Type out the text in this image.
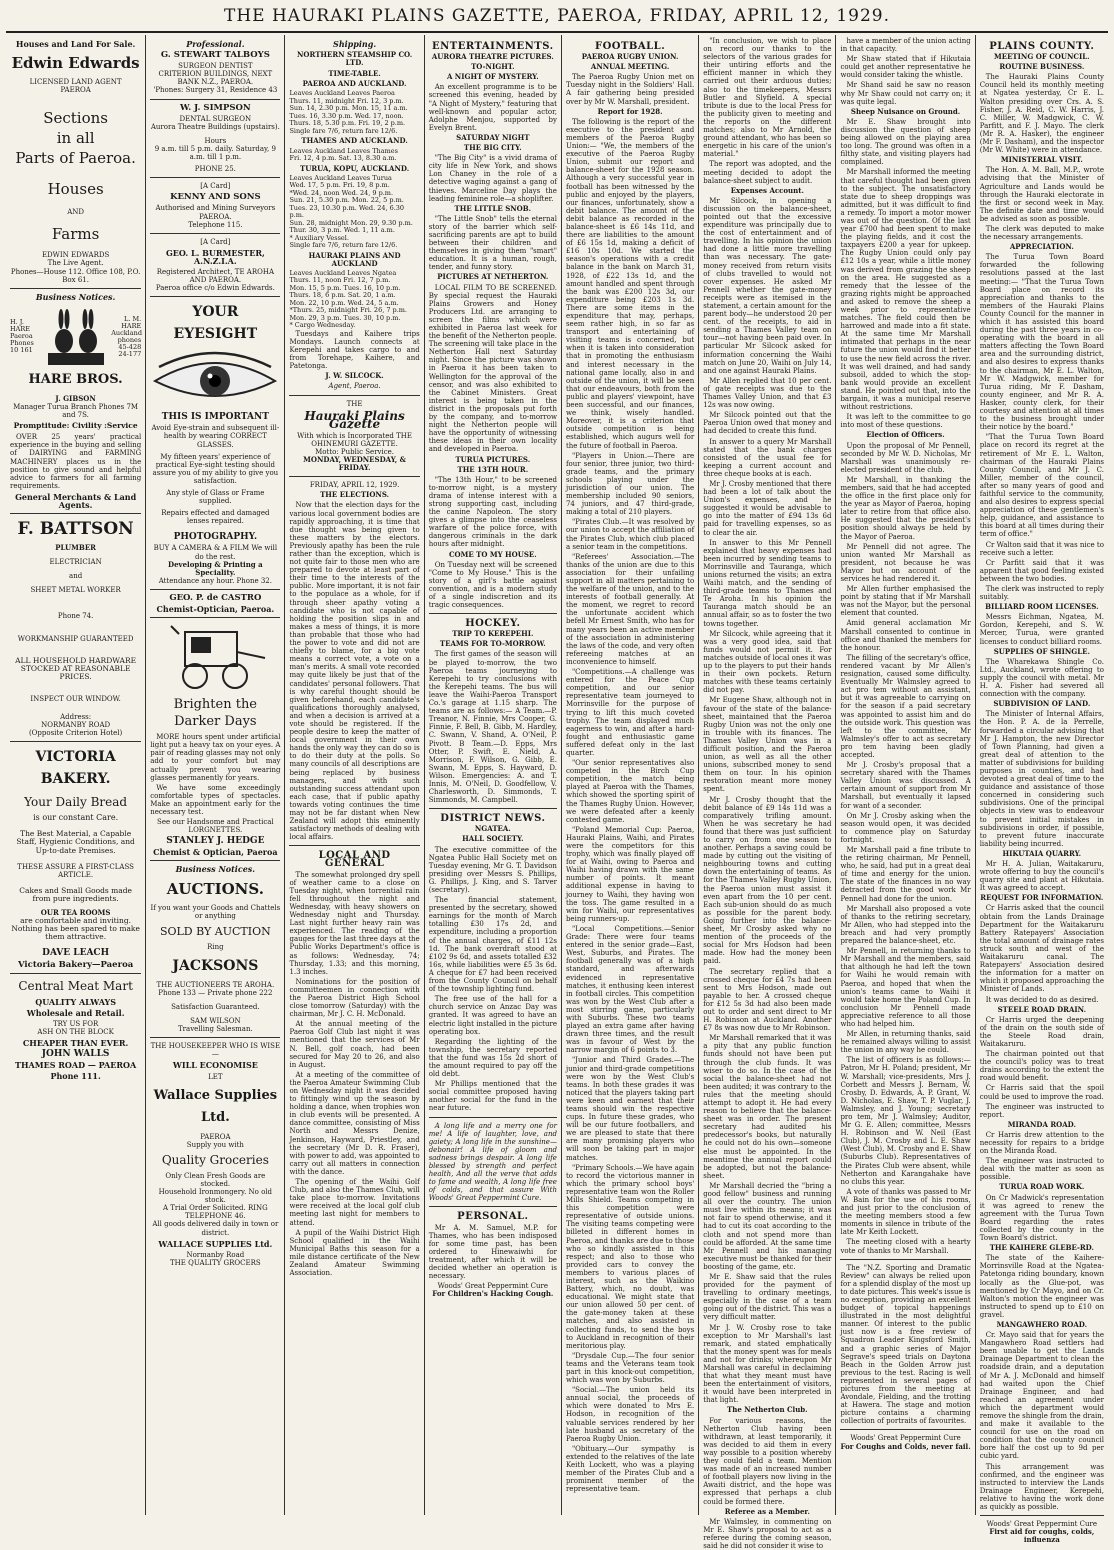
THE HAURAKI PLAINS GAZETTE, PAEROA, FRIDAY, APRIL 12, 1929.
Houses and Land For Sale.
Edwin Edwards
LICENSED LAND AGENT
PAEROA
Sections
in all
Parts of Paeroa.
Houses
AND
Farms
EDWIN EDWARDS
The Live Agent.
Phones—House 112. Office 108, P.O. Box 61.
Business Notices.
H. J. HARE Paeroa Phones 10 161
L. M. HARE Auckland phones 45-428 24-177
HARE BROS.
J. GIBSON
Manager Turua Branch Phones 7M and 7S.
Promptitude: Civility :Service
OVER 25 years' practical experience in the buying and selling of DAIRYING and FARMING MACHINERY places us in the position to give sound and helpful advice to farmers for all farming requirements.
General Merchants & Land Agents.
F. BATTSON
PLUMBER
ELECTRICIAN
and
SHEET METAL WORKER
Phone 74.
WORKMANSHIP GUARANTEED
ALL HOUSEHOLD HARDWARE STOCKED AT REASONABLE PRICES.
INSPECT OUR WINDOW.
Address:
NORMANBY ROAD
(Opposite Criterion Hotel)
VICTORIA BAKERY.
Your Daily Bread
is our constant Care.
The Best Material, a Capable Staff, Hygienic Conditions, and Up-to-date Premises.
THESE ASSURE A FIRST-CLASS ARTICLE.
Cakes and Small Goods made from pure ingredients.
OUR TEA ROOMS
are comfortable and inviting. Nothing has been spared to make them attractive.
DAVE LEACH
Victoria Bakery—Paeroa
Central Meat Mart
QUALITY ALWAYS
Wholesale and Retail.
TRY US FOR
ASH ON THE BLOCK
CHEAPER THAN EVER.
JOHN WALLS
THAMES ROAD — PAEROA
Phone 111.
Professional.
G. STEWART TALBOYS
SURGEON DENTIST
CRITERION BUILDINGS, NEXT BANK N.Z., PAEROA.
'Phones: Surgery 31, Residence 43
W. J. SIMPSON
DENTAL SURGEON
Aurora Theatre Buildings (upstairs).
Hours
9 a.m. till 5 p.m. daily. Saturday, 9 a.m. till 1 p.m.
PHONE 25.
[A Card]
KENNY AND SONS
Authorised and Mining Surveyors PAEROA.
Telephone 115.
[A Card]
GEO. L. BURMESTER, A.N.Z.I.A.
Registered Architect, TE AROHA AND PAEROA.
Paeroa office c/o Edwin Edwards.
YOUR EYESIGHT
THIS IS IMPORTANT
Avoid Eye-strain and subsequent ill-health by wearing CORRECT GLASSES.
My fifteen years' experience of practical Eye-sight testing should assure you of my ability to give you satisfaction.
Any style of Glass or Frame supplied.
Repairs effected and damaged lenses repaired.
PHOTOGRAPHY.
BUY A CAMERA & A FILM We will do the rest.
Developing & Printing a Speciality.
Attendance any hour. Phone 32.
GEO. P. de CASTRO
Chemist-Optician, Paeroa.
Brighten the Darker Days
MORE hours spent under artificial light put a heavy tax on your eyes. A pair of reading glasses may not only add to your comfort but may actually prevent you wearing glasses permanently for years.
We have some exceedingly comfortable types of spectacles. Make an appointment early for the necessary test.
See our Handsome and Practical LORGNETTES.
STANLEY J. HEDGE
Chemist & Optician, Paeroa
Business Notices.
AUCTIONS.
If you want your Goods and Chattels or anything
SOLD BY AUCTION
Ring
JACKSONS
THE AUCTIONEERS TE AROHA.
Phone 133 — Private phone 222
Satisfaction Guaranteed.
SAM WILSON
Travelling Salesman.
THE HOUSEKEEPER WHO IS WISE—
WILL ECONOMISE
LET
Wallace Supplies Ltd.
PAEROA
Supply you with
Quality Groceries
Only Clean Fresh Goods are stocked.
Household Ironmongery. No old stock.
A Trial Order Solicited. RING TELEPHONE 46.
All goods delivered daily in town or district.
WALLACE SUPPLIES Ltd.
Normanby Road
THE QUALITY GROCERS
Shipping.
NORTHERN STEAMSHIP CO. LTD.
TIME-TABLE.
PAEROA AND AUCKLAND.
Leaves Auckland Leaves Paeroa
Thurs. 11, midnight Fri. 12, 3 p.m.
Sun. 14, 2.30 p.m. Mon. 15, 11 a.m.
Tues. 16, 3.30 p.m. Wed. 17, noon.
Thurs. 18, 5.30 p.m. Fri. 19, 2 p.m.
Single fare 7/6, return fare 12/6.
THAMES AND AUCKLAND.
Leaves Auckland Leaves Thames
Fri. 12, 4 p.m. Sat. 13, 8.30 a.m.
TURUA, KOPU, AUCKLAND.
Leaves Auckland Leaves Turua
Wed. 17, 5 p.m. Fri. 19, 8 p.m.
*Wed. 24, noon Wed. 24, 9 p.m.
Sun. 21, 5.30 p.m. Mon. 22, 5 p.m.
Tues. 23, 10.30 p.m. Wed. 24, 6.30 p.m.
Sun. 28, midnight Mon. 29, 9.30 p.m.
Thur. 30, 3 p.m. Wed. 1, 11 a.m.
* Auxiliary Vessel.
Single fare 7/6, return fare 12/6.
HAURAKI PLAINS AND AUCKLAND
Leaves Auckland Leaves Ngatea
Thurs. 11, noon Fri. 12, 7 p.m.
Mon. 15, 5 p.m. Tues. 16, 10 p.m.
Thurs. 18, 6 p.m. Sat. 20, 1 a.m.
Mon. 22, 10 p.m. Wed. 24, 5 a.m.
*Thurs. 25, midnight Fri. 26, 7 p.m.
Mon. 29, 3 p.m. Tues. 30, 10 p.m.
* Cargo Wednesday.
Tuesdays and Kaihere trips Mondays. Launch connects at Kerepehi and takes cargo to and from Torehape, Kaihere, and Patetonga.
J. W. SILCOCK.
Agent, Paeroa.
THE
Hauraki Plains Gazette
With which is Incorporated THE OHINEMURI GAZETTE.
Motto: Public Service.
MONDAY, WEDNESDAY, & FRIDAY.
FRIDAY, APRIL 12, 1929.
THE ELECTIONS.
Now that the election days for the various local government bodies are rapidly approaching, it is time that due thought was being given to these matters by the electors. Previously apathy has been the rule rather than the exception, which is not quite fair to those men who are prepared to devote at least part of their time to the interests of the public. More important, it is not fair to the populace as a whole, for if through sheer apathy voting a candidate who is not capable of holding the position slips in and makes a mess of things, it is more than probable that those who had the power to vote and did not are chiefly to blame, for a big vote means a correct vote, a vote on a man's merits. A small vote recorded may quite likely be just that of the candidates' personal followers. That is why careful thought should be given beforehand, each candidate's qualifications thoroughly analysed, and when a decision is arrived at a vote should be registered. If the people desire to keep the matter of local government in their own hands the only way they can do so is to do their duty at the polls. So many councils of all descriptions are being replaced by business managers, and with such outstanding success attendant upon each case, that if public apathy towards voting continues the time may not be far distant when New Zealand will adopt this eminently satisfactory methods of dealing with local affairs.
LOCAL AND GENERAL
The somewhat prolonged dry spell of weather came to a close on Tuesday night, when torrential rain fell throughout the night and Wednesday, with heavy showers on Wednesday night and Thursday. Last night further heavy rain was experienced. The reading of the gauges for the last three days at the Public Works Department's office is as follows: Wednesday, 74; Thursday, 1.33; and this morning, 1.3 inches.
Nominations for the position of committeemen in connection with the Paeroa District High School close tomorrow (Saturday) with the chairman, Mr J. C. H. McDonald.
At the annual meeting of the Paeroa Golf Club last night it was mentioned that the services of Mr N. Bell, golf coach, had been secured for May 20 to 26, and also in August.
At a meeting of the committee of the Paeroa Amateur Swimming Club on Wednesday night it was decided to fittingly wind up the season by holding a dance, when trophies won in club events will be presented. A dance committee, consisting of Miss North and Messrs Denize, Jenkinson, Hayward, Priestley, and the secretary (Mr D. R. Fraser), with power to add, was appointed to carry out all matters in connection with the dance.
The opening of the Waihi Golf Club, and also the Thames Club, will take place to-morrow. Invitations were received at the local golf club meeting last night for members to attend.
A pupil of the Waihi District High School qualified in the Waihi Municipal Baths this season for a mile distance certificate of the New Zealand Amateur Swimming Association.
ENTERTAINMENTS.
AURORA THEATRE PICTURES.
TO-NIGHT.
A NIGHT OF MYSTERY.
An excellent programme is to be screened this evening, headed by "A Night of Mystery," featuring that well-known and popular actor, Adolphe Menjou, supported by Evelyn Brent.
SATURDAY NIGHT
THE BIG CITY.
"The Big City" is a vivid drama of city life in New York, and shows Lon Chaney in the role of a detective waging against a gang of thieves. Marceline Day plays the leading feminine role—a shoplifter.
THE LITTLE SNOB.
"The Little Snob" tells the eternal story of the barrier which self-sacrificing parents are apt to build between their children and themselves in giving them "smart" education. It is a human, rough, tender, and funny story.
PICTURES AT NETHERTON.
LOCAL FILM TO BE SCREENED. By special request the Hauraki Plains Growers and Honey Producers Ltd. are arranging to screen the films which were exhibited in Paeroa last week for the benefit of the Netherton people. The screening will take place in the Netherton Hall next Saturday night. Since the picture was shown in Paeroa it has been taken to Wellington for the approval of the censor, and was also exhibited to the Cabinet Ministers. Great interest is being taken in the district in the proposals put forth by the company, and to-morrow night the Netherton people will have the opportunity of witnessing these ideas in their own locality and developed in Paeroa.
TURUA PICTURES.
THE 13TH HOUR.
"The 13th Hour," to be screened to-morrow night, is a mystery drama of intense interest with a strong supporting cast, including the canine Napoleon. The story gives a glimpse into the ceaseless warfare of the police force, with dangerous criminals in the dark hours after midnight.
COME TO MY HOUSE.
On Tuesday next will be screened "Come to My House." This is the story of a girl's battle against convention, and is a modern study of a single indiscretion and its tragic consequences.
HOCKEY.
TRIP TO KEREPEHI.
TEAMS FOR TO-MORROW.
The first games of the season will be played to-morrow, the two Paeroa teams journeying to Kerepehi to try conclusions with the Kerepehi teams. The bus will leave the Waihi-Paeroa Transport Co.'s garage at 1.15 sharp. The teams are as follows:— A Team.—P. Treanor, N. Finnie, Mrs Cooper, G. Finnie, F. Bell, B. Gibb, M. Hardley, C. Swann, V. Shand, A. O'Neil, P. Pivott. B Team.—D. Epps, Mrs Otter, P. Swift, E. Nield, A. Morrison, F. Wilson, G. Gibb, E. Swann, M. Epps, S. Hayward, D. Wilson. Emergencies: A. and T. Innis, M. O'Neil, D. Goodfellow, V. Charlesworth, D. Simmonds, T. Simmonds, M. Campbell.
DISTRICT NEWS.
NGATEA.
HALL SOCIETY.
The executive committee of the Ngatea Public Hall Society met on Tuesday evening, Mr G. T. Davidson presiding over Messrs S. Phillips, G. Phillips, J. King, and S. Tarver (secretary).
The financial statement, presented by the secretary, showed earnings for the month of March totalling £30 17s 2d, and expenditure, including a proportion of the annual charges, of £11 12s 1d. The bank overdraft stood at £102 9s 6d, and assets totalled £32 16s, while liabilities were £5 3s 6d. A cheque for £7 had been received from the County Council on behalf of the township lighting fund.
The free use of the hall for a church service on Anzac Day was granted. It was agreed to have an electric light installed in the picture operating box.
Regarding the lighting of the township, the secretary reported that the fund was 15s 2d short of the amount required to pay off the old debt.
Mr Phillips mentioned that the social committee proposed having another social for the fund in the near future.
A long life and a merry one for me! A life of laughter, love, and gaiety; A long life in the sunshine—debonair! A life of gloom and sadness brings despair. A long life blessed by strength and perfect health, And all the verve that adds to fame and wealth, A long life free of colds, and that assure With Woods' Great Peppermint Cure.
PERSONAL.
Mr A. M. Samuel, M.P. for Thames, who has been indisposed for some time past, has been ordered to Hinewaiwhi for treatment, after which it will be decided whether an operation is necessary.
Woods' Great Peppermint Cure
For Children's Hacking Cough.
FOOTBALL.
PAEROA RUGBY UNION.
ANNUAL MEETING.
The Paeroa Rugby Union met on Tuesday night in the Soldiers' Hall. A fair gathering being presided over by Mr W. Marshall, president.
Report for 1928.
The following is the report of the executive to the president and members of the Paeroa Rugby Union:— "We, the members of the executive of the Paeroa Rugby Union, submit our report and balance-sheet for the 1928 season. Although a very successful year in football has been witnessed by the public and enjoyed by the players, our finances, unfortunately, show a debit balance. The amount of the debit balance as recorded in the balance-sheet is £6 14s 11d, and there are liabilities to the amount of £6 15s 1d, making a deficit of £16 10s 10d. We started the season's operations with a credit balance in the bank on March 31, 1928, of £22 13s 1d, and the amount handled and spent through the bank was £200 12s 3d, our expenditure being £203 1s 3d. There are some items in the expenditure that may, perhaps, seem rather high, in so far as transport and entertaining of visiting teams is concerned, but when it is taken into consideration that in promoting the enthusiasm and interest necessary in the national game locally, also in and outside of the union, it will be seen that our endeavours, both from the public and players' viewpoint, have been successful, and our finances, we think, wisely handled. Moreover, it is a criterion that outside competition is being established, which augurs well for the future of football in Paeroa.
"Players in Union.—There are four senior, three junior, two third-grade teams, and the primary schools playing under the jurisdiction of our union. The membership included 90 seniors, 74 juniors, and 47 third-grade, making a total of 210 players.
"Pirates Club.—It was resolved by our union to accept the affiliation of the Pirates Club, which club placed a senior team in the competitions.
"Referees' Association.—The thanks of the union are due to this association for their unfailing support in all matters pertaining to the welfare of the union, and to the interests of football generally. At the moment, we regret to record the unfortunate accident which befell Mr Ernest Smith, who has for many years been an active member of the association in administering the laws of the code, and very often refereeing matches at an inconvenience to himself.
"Competitions.—A challenge was entered for the Peace Cup competition, and our senior representative team journeyed to Morrinsville for the purpose of trying to lift this much coveted trophy. The team displayed much eagerness to win, and after a hard-fought and enthusiastic game suffered defeat only in the last quarter.
"Our senior representatives also competed in the Birch Cup competition, the match being played at Paeroa with the Thames, which showed the sporting spirit of the Thames Rugby Union. However, we were defeated after a keenly contested game.
"Poland Memorial Cup: Paeroa, Hauraki Plains, Waihi, and Pirates were the competitors for this trophy, which was finally played off for at Waihi, owing to Paeroa and Waihi having drawn with the same number of points. It meant additional expense in having to journey to Waihi, they having won the toss. The game resulted in a win for Waihi, our representatives being runners-up.
"Local Competitions.—Senior Grade: There were four teams entered in the senior grade—East, West, Suburbs, and Pirates. The football generally was of a high standard, and afterwards evidenced in representative matches, it enthusing keen interest in football circles. This competition was won by the West Club after a most stirring game, particularly with Suburbs. These two teams played an extra game after having drawn three times, and the result was in favour of West by the narrow margin of 6 points to 3.
"Junior and Third Grades.—The junior and third-grade competitions were won by the West Club's teams. In both these grades it was noticed that the players taking part were keen and earnest that their teams should win the respective cups. In future these grades, who will be our future footballers, and we are pleased to state that there are many promising players who will soon be taking part in major matches.
"Primary Schools.—We have again to record the victorious manner in which the primary school boys' representative team won the Roller Mills Shield. Teams competing in this competition were representative of outside unions. The visiting teams competing were billeted in different homes in Paeroa, and thanks are due to those who so kindly assisted in this respect; and also to those who provided cars to convey the members to various places of interest, such as the Waikino Battery, which, no doubt, was educational. We might state that our union allowed 50 per cent. of the gate-money taken at these matches, and also assisted in collecting funds, to send the boys to Auckland in recognition of their meritorious play.
"Drysdale Cup.—The four senior teams and the Veterans team took part in this knock-out competition, which was won by Suburbs.
"Social.—The union held its annual social, the proceeds of which were donated to Mrs E. Hodson, in recognition of the valuable services rendered by her late husband as secretary of the Paeroa Rugby Union.
"Obituary.—Our sympathy is extended to the relatives of the late Keith Lockett, who was a playing member of the Pirates Club and a prominent member of the representative team.
"In conclusion, we wish to place on record our thanks to the selectors of the various grades for their untiring efforts and the efficient manner in which they carried out their arduous duties; also to the timekeepers, Messrs Butler and Slyfield. A special tribute is due to the local Press for the publicity given to meeting and the reports on the different matches; also to Mr Arnold, the ground attendant, who has been so energetic in his care of the union's material."
The report was adopted, and the meeting decided to adopt the balance-sheet subject to audit.
Expenses Account.
Mr Silcock, in opening a discussion on the balance-sheet, pointed out that the excessive expenditure was principally due to the cost of entertainment and of travelling. In his opinion the union had done a little more travelling than was necessary. The gate-money received from return visits of clubs travelled to would not cover expenses. He asked Mr Pennell whether the gate-money receipts were as itemised in the statement, a certain amount for the parent body—he understood 20 per cent. of the receipts, to aid in sending a Thames Valley team on tour—not having been paid over. In particular Mr Silcock asked for information concerning the Waihi match on June 20, Waihi on July 14, and one against Hauraki Plains.
Mr Allen replied that 10 per cent. of gate receipts was due to the Thames Valley Union, and that £3 12s was now owing.
Mr Silcock pointed out that the Paeroa Union owed that money and had decided to create this fund.
In answer to a query Mr Marshall stated that the bank charges consisted of the usual fee for keeping a current account and three cheque books at is each.
Mr J. Crosby mentioned that there had been a lot of talk about the Union's expenses, and he suggested it would be advisable to go into the matter of £94 13s 6d paid for travelling expenses, so as to clear the air.
In answer to this Mr Pennell explained that heavy expenses had been incurred by sending teams to Morrinsville and Tauranga, which unions returned the visits; an extra Waihi match, and the sending of third-grade teams to Thames and Te Aroha. In his opinion the Tauranga match should be an annual affair, so as to foster the two towns together.
Mr Silcock, while agreeing that it was a very good idea, said that funds would not permit it. For matches outside of local ones it was up to the players to put their hands in their own pockets. Return matches with these teams certainly did not pay.
Mr Eugene Shaw, although not in favour of the state of the balance-sheet, maintained that the Paeroa Rugby Union was not the only one in trouble with its finances. The Thames Valley Union was in a difficult position, and the Paeroa union, as well as all the other unions, subscribed money to send them on tour. In his opinion restoration meant more money spent.
Mr J. Crosby thought that the debit balance of £9 14s 11d was a comparatively trifling amount. When he was secretary he had found that there was just sufficient to carry on from one season to another. Perhaps a saving could be made by cutting out the visiting of neighbouring towns and cutting down the entertaining of teams. As for the Thames Valley Rugby Union, the Paeroa union must assist it even apart from the 10 per cent. Each sub-union should do as much as possible for the parent body. Going further into the balance-sheet, Mr Crosby asked why no mention of the proceeds of the social for Mrs Hodson had been made. How had the money been paid.
The secretary replied that a crossed cheque for £4 7s had been sent to Mrs Hodson, made out payable to her. A crossed cheque for £12 5s 3d had also been made out to order and sent direct to Mr H. Robinson at Auckland. Another £7 8s was now due to Mr Robinson.
Mr Marshall remarked that it was a pity that any public function funds should not have been put through the club funds. It was wiser to do so. In the case of the social the balance-sheet had not been audited; it was contrary to the rules that the meeting should attempt to adopt it. He had every reason to believe that the balance-sheet was in order. The present secretary had audited his predecessor's books, but naturally he could not do his own—someone else must be appointed. In the meantime the annual report could be adopted, but not the balance-sheet.
Mr Marshall decried the "bring a good fellow" business and running all over the country. The union must live within its means; it was not fair to spend otherwise, and it had to cut its coat according to the cloth and not spend more than could be afforded. At the same time Mr Pennell and his managing executive must be thanked for their boosting of the game, etc.
Mr E. Shaw said that the rules provided for the payment of travelling to ordinary meetings, especially in the case of a team going out of the district. This was a very difficult matter.
Mr J. W. Crosby rose to take exception to Mr Marshall's last remark, and stated emphatically that the money spent was for meals and not for drinks; whereupon Mr Marshall was careful in declaiming that what they meant must have been the entertainment of visitors, it would have been interpreted in that light.
The Netherton Club.
For various reasons, the Netherton Club having been withdrawn, at least temporarily, it was decided to aid them in every way possible to a position whereby they could field a team. Mention was made of an increased number of football players now living in the Awaiti district, and the hope was expressed that perhaps a club could be formed there.
Referee as a Member.
Mr Walmsley, in commenting on Mr E. Shaw's proposal to act as a referee during the coming season, said he did not consider it wise to
have a member of the union acting in that capacity.
Mr Shaw stated that if Hikutaia could get another representative he would consider taking the whistle.
Mr Shand said he saw no reason why Mr Shaw could not carry on; it was quite legal.
Sheep Nuisance on Ground.
Mr E. Shaw brought into discussion the question of sheep being allowed on the playing area too long. The ground was often in a filthy state, and visiting players had complained.
Mr Marshall informed the meeting that careful thought had been given to the subject. The unsatisfactory state due to sheep droppings was admitted, but it was difficult to find a remedy. To import a motor mower was out of the question. Of the last year £700 had been spent to make the playing fields, and it cost the taxpayers £200 a year for upkeep. The Rugby Union could only pay £12 10s a year, while a little money was derived from grazing the sheep on the area. He suggested as a remedy that the lessee of the grazing rights might be approached and asked to remove the sheep a week prior to representative matches. The field could then be harrowed and made into a fit state. At the same time Mr Marshall intimated that perhaps in the near future the union would find it better to use the new field across the river. It was well drained, and had sandy subsoil, added to which the stop-bank would provide an excellent stand. He pointed out that, into the bargain, it was a municipal reserve without restrictions.
It was left to the committee to go into most of these questions.
Election of Officers.
Upon the proposal of Mr Pennell, seconded by Mr W. D. Nicholas, Mr Marshall was unanimously re-elected president of the club.
Mr Marshall, in thanking the members, said that he had accepted the office in the first place only for the year as Mayor of Paeroa, hoping later to retire from that office also. He suggested that the president's position should always be held by the Mayor of Paeroa.
Mr Pennell did not agree. The union wanted Mr Marshall as president, not because he was Mayor but on account of the services he had rendered it.
Mr Allen further emphasised the point by stating that if Mr Marshall was not the Mayor, but the personal element that counted.
Amid general acclamation Mr Marshall consented to continue in office and thanked the members for the honour.
The filling of the secretary's office, rendered vacant by Mr Allen's resignation, caused some difficulty. Eventually Mr Walmsley agreed to act pro tem without an assistant, but it was agreeable to carrying on for the season if a paid secretary was appointed to assist him and do the outside work. This question was left to the committee, Mr Walmsley's offer to act as secretary pro tem having been gladly accepted.
Mr J. Crosby's proposal that a secretary shared with the Thames Valley Union was discussed. A certain amount of support from Mr Marshall, but eventually it lapsed for want of a seconder.
On Mr J. Crosby asking when the season would open, it was decided to commence play on Saturday fortnight.
Mr Marshall paid a fine tribute to the retiring chairman, Mr Pennell, who, he said, had put in a great deal of time and energy for the union. The state of the finances in no way detracted from the good work Mr Pennell had done for the union.
Mr Marshall also proposed a vote of thanks to the retiring secretary, Mr Allen, who had stepped into the breach and had very promptly prepared the balance-sheet, etc.
Mr Pennell, in returning thanks to Mr Marshall and the members, said that although he had left the town for Waihi he would remain with Paeroa, and hoped that when the union's teams came to Waihi it would take home the Poland Cup. In conclusion Mr Pennell made appreciative reference to all those who had helped him.
Mr Allen, in returning thanks, said he remained always willing to assist the union in any way he could.
The list of officers is as follows:— Patron, Mr H. Poland; president, Mr W. Marshall; vice-presidents, Mrs J. Corbett and Messrs J. Bernam, W. Crosby, D. Edwards, A. P. Grant, W. D. Nicholas, E. Shaw, T. P. Vuglar, J. Walmsley, and J. Young; secretary pro tem, Mr J. Walmsley; Auditor, Mr G. E. Allen; committee, Messrs H. Robinson and W. Neil (East Club), J. M. Crosby and L. E. Shaw (West Club), M. Crosby and E. Shaw (Suburbs Club). Representatives of the Pirates Club were absent, while Netherton and Karangahake have no clubs this year.
A vote of thanks was passed to Mr W. Bain for the use of his rooms, and just prior to the conclusion of the meeting members stood a few moments in silence in tribute of the late Mr Keith Lockett.
The meeting closed with a hearty vote of thanks to Mr Marshall.
The "N.Z. Sporting and Dramatic Review" can always be relied upon for a splendid display of the most up to date pictures. This week's issue is no exception, providing an excellent budget of topical happenings illustrated in the most delightful manner. Of interest to the public just now is a free review of Squadron Leader Kingsford Smith, and a graphic series of Major Segrave's speed trials on Daytona Beach in the Golden Arrow just previous to the test. Racing is well represented in several pages of pictures from the meeting at Avondale, Fielding, and the trotting at Hawera. The stage and motion picture contains a charming collection of portraits of favourites.
Woods' Great Peppermint Cure
For Coughs and Colds, never fail.
PLAINS COUNTY.
MEETING OF COUNCIL.
ROUTINE BUSINESS.
The Hauraki Plains County Council held its monthly meeting at Ngatea yesterday, Cr E. L. Walton presiding over Crs. A. S. Fisher, J. A. Reid, C. W. Harris, J. C. Miller, W. Madgwick, C. W. Parfitt, and F. J. Mayo. The clerk (Mr R. A. Hasker), the engineer (Mr F. Dasham), and the inspector (Mr W. White) were in attendance.
MINISTERIAL VISIT.
The Hon. A. M. Ball, M.P., wrote advising that the Minister of Agriculture and Lands would be through the Hauraki electorate in the first or second week in May. The definite date and time would be advised as soon as possible.
The clerk was deputed to make the necessary arrangements.
APPRECIATION.
The Turua Town Board forwarded the following resolutions passed at the last meeting:— "That the Turua Town Board place on record its appreciation and thanks to the members of the Hauraki Plains County Council for the manner in which it has assisted this board during the past three years in co-operating with the board in all matters affecting the Town Board area and the surrounding district, and also desires to express thanks to the chairman, Mr E. L. Walton, Mr W. Madgwick, member for Turua riding, Mr F. Dasham, county engineer, and Mr R. A. Hasker, county clerk, for their courtesy and attention at all times to the business brought under their notice by the board."
"That the Turua Town Board place on record its regret at the retirement of Mr E. L. Walton, chairman of the Hauraki Plains County Council, and Mr J. C. Miller, member of the council, after so many years of good and faithful service to the community, and also desires to express special appreciation of these gentlemen's help, guidance, and assistance to this board at all times during their term of office."
Cr Walton said that it was nice to receive such a letter.
Cr Parfitt said that it was apparent that good feeling existed between the two bodies.
The clerk was instructed to reply suitably.
BILLIARD ROOM LICENSES.
Messrs Eichman, Ngatea, M. Gordon, Kerepehi, and S. W. Mercer, Turua, were granted licenses to conduct billiard rooms.
SUPPLIES OF SHINGLE.
The Wharekawa Shingle Co. Ltd., Auckland, wrote offering to supply the council with metal. Mr H. A. Fisher had severed all connection with the company.
SUBDIVISION OF LAND.
The Minister of Internal Affairs, the Hon. P. A. de la Perrelle, forwarded a circular advising that Mr J. Hampton, the new Director of Town Planning, had given a great deal of attention to the matter of subdivisions for building purposes in counties, and had devoted a great deal of time to the guidance and assistance of those concerned in considering such subdivisions. One of the principal objects in view was to endeavour to prevent initial mistakes in subdivisions in order, if possible, to prevent future inaccurate liability being incurred.
HIKUTAIA QUARRY.
Mr H. A. Julian, Waitakaruru, wrote offering to buy the council's quarry site and plant at Hikutaia. It was agreed to accept.
REQUEST FOR INFORMATION.
Cr Harris asked that the council obtain from the Lands Drainage Department for the Waitakaruru Battery Ratepayers' Association the total amount of drainage rates struck south and west of the Waitakaruru canal. The Ratepayers' Association desired the information for a matter on which it proposed approaching the Minister of Lands.
It was decided to do as desired.
STEELE ROAD DRAIN.
Cr Harris urged the deepening of the drain on the south side of the Steele Road drain, Waitakaruru.
The chairman pointed out that the council's policy was to treat drains according to the extent the road would benefit.
Cr Harris said that the spoil could be used to improve the road.
The engineer was instructed to report.
MIRANDA ROAD.
Cr Harris drew attention to the necessity for repairs to a bridge on the Miranda Road.
The engineer was instructed to deal with the matter as soon as possible.
TURUA ROAD WORK.
On Cr Madwick's representation it was agreed to renew the agreement with the Turua Town Board regarding the rates collected by the county in the Town Board's district.
THE KAIHERE GLEBE-RD.
The state of the Kaihere-Morrinsville Road at the Ngatea-Patetonga riding boundary, known locally as the Glue-pot, was mentioned by Cr Mayo, and on Cr. Walton's motion the engineer was instructed to spend up to £10 on gravel.
MANGAWHERO ROAD.
Cr. Mayo said that for years the Mangawhero Road settlers had been unable to get the Lands Drainage Department to clean the roadside drain, and a deputation of Mr A. J. McDonald and himself had waited upon the Chief Drainage Engineer, and had reached an agreement under which the department would remove the shingle from the drain, and make it available to the council for use on the road on condition that the county council bore half the cost up to 9d per cubic yard.
This arrangement was confirmed, and the engineer was instructed to interview the Lands Drainage Engineer, Kerepehi, relative to having the work done as quickly as possible.
Woods' Great Peppermint Cure
First aid for coughs, colds, influenza
